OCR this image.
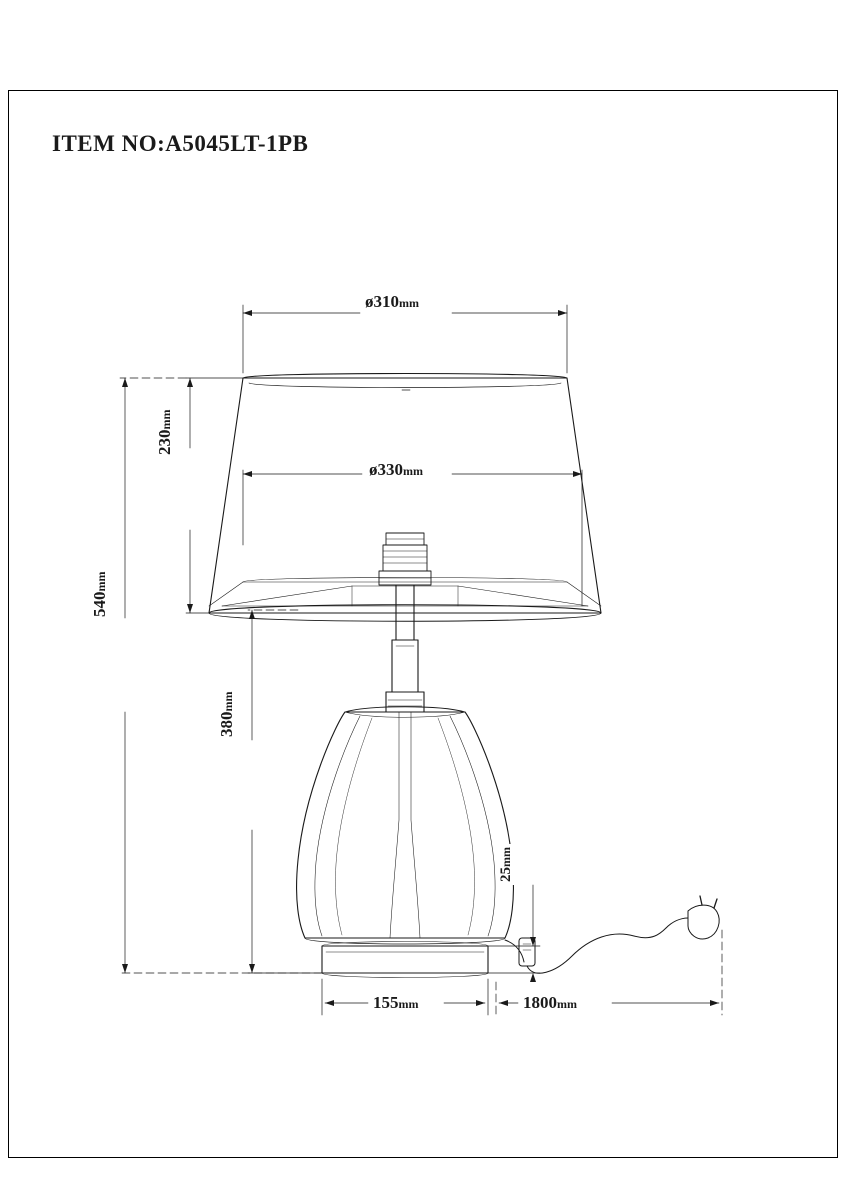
ITEM NO:A5045LT-1PB
ø310mm
ø330mm
230mm
540mm
380mm
25mm
155mm	1800mm
